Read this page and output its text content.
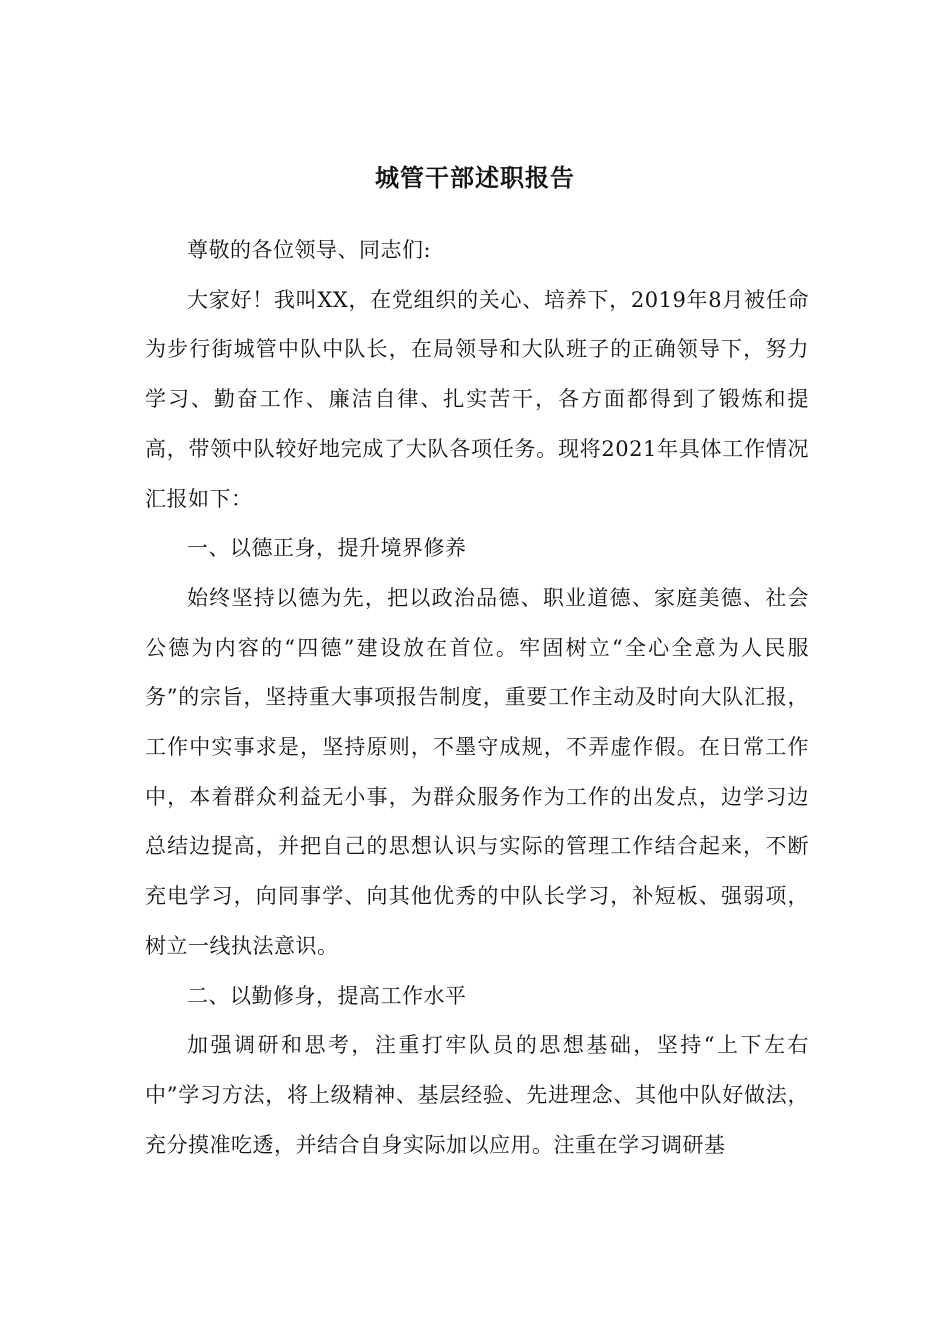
城管干部述职报告

尊敬的各位领导、同志们:

大家好！我叫XX，在党组织的关心、培养下，2019年8月被任命为步行街城管中队中队长，在局领导和大队班子的正确领导下，努力学习、勤奋工作、廉洁自律、扎实苦干，各方面都得到了锻炼和提高，带领中队较好地完成了大队各项任务。现将2021年具体工作情况汇报如下：

一、以德正身，提升境界修养

始终坚持以德为先，把以政治品德、职业道德、家庭美德、社会公德为内容的“四德”建设放在首位。牢固树立“全心全意为人民服务”的宗旨，坚持重大事项报告制度，重要工作主动及时向大队汇报，工作中实事求是，坚持原则，不墨守成规，不弄虚作假。在日常工作中，本着群众利益无小事，为群众服务作为工作的出发点，边学习边总结边提高，并把自己的思想认识与实际的管理工作结合起来，不断充电学习，向同事学、向其他优秀的中队长学习，补短板、强弱项，树立一线执法意识。

二、以勤修身，提高工作水平

加强调研和思考，注重打牢队员的思想基础，坚持“上下左右中”学习方法，将上级精神、基层经验、先进理念、其他中队好做法，充分摸准吃透，并结合自身实际加以应用。注重在学习调研基
